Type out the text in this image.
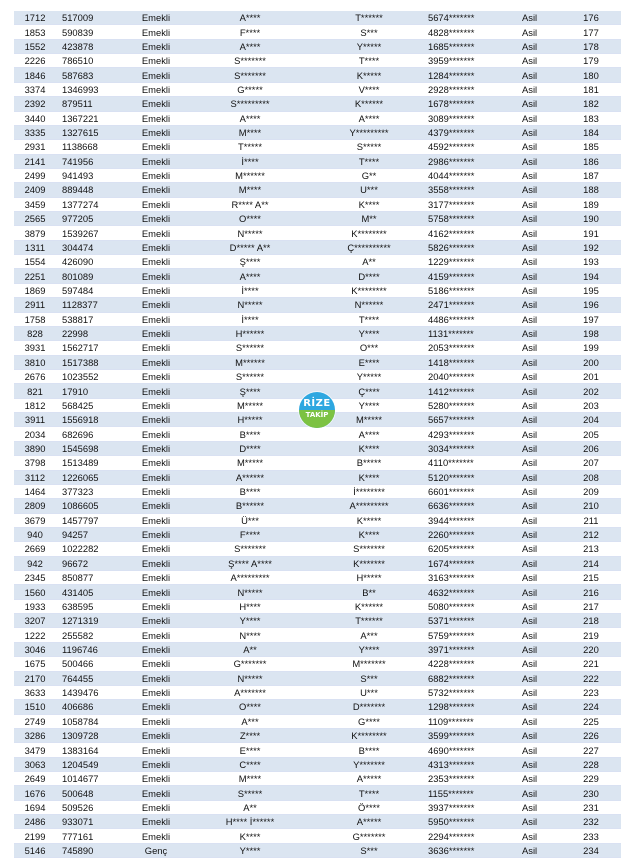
1712	517009	Emekli	A****	T******	5674*******	Asil	176
1853	590839	Emekli	F****	S***	4828*******	Asil	177
1552	423878	Emekli	A****	Y*****	1685*******	Asil	178
2226	786510	Emekli	S*******	T****	3959*******	Asil	179
1846	587683	Emekli	S*******	K*****	1284*******	Asil	180
3374	1346993	Emekli	G*****	V****	2928*******	Asil	181
2392	879511	Emekli	S*********	K******	1678*******	Asil	182
3440	1367221	Emekli	A****	A****	3089*******	Asil	183
3335	1327615	Emekli	M****	Y*********	4379*******	Asil	184
2931	1138668	Emekli	T*****	S*****	4592*******	Asil	185
2141	741956	Emekli	İ****	T****	2986*******	Asil	186
2499	941493	Emekli	M******	G**	4044*******	Asil	187
2409	889448	Emekli	M****	U***	3558*******	Asil	188
3459	1377274	Emekli	R**** A**	K****	3177*******	Asil	189
2565	977205	Emekli	O****	M**	5758*******	Asil	190
3879	1539267	Emekli	N*****	K********	4162*******	Asil	191
1311	304474	Emekli	D***** A**	Ç**********	5826*******	Asil	192
1554	426090	Emekli	Ş****	A**	1229*******	Asil	193
2251	801089	Emekli	A****	D****	4159*******	Asil	194
1869	597484	Emekli	İ****	K********	5186*******	Asil	195
2911	1128377	Emekli	N*****	N******	2471*******	Asil	196
1758	538817	Emekli	İ****	T****	4486*******	Asil	197
828	22998	Emekli	H******	Y****	1131*******	Asil	198
3931	1562717	Emekli	S******	O***	2053*******	Asil	199
3810	1517388	Emekli	M******	E****	1418*******	Asil	200
2676	1023552	Emekli	S******	Y*****	2040*******	Asil	201
821	17910	Emekli	Ş****	Ç****	1412*******	Asil	202
1812	568425	Emekli	M*****	Y****	5280*******	Asil	203
3911	1556918	Emekli	H*****	M*****	5657*******	Asil	204
2034	682696	Emekli	B****	A****	4293*******	Asil	205
3890	1545698	Emekli	D****	K****	3034*******	Asil	206
3798	1513489	Emekli	M*****	B*****	4110*******	Asil	207
3112	1226065	Emekli	A******	K****	5120*******	Asil	208
1464	377323	Emekli	B****	İ********	6601*******	Asil	209
2809	1086605	Emekli	B******	A*********	6636*******	Asil	210
3679	1457797	Emekli	Ü***	K*****	3944*******	Asil	211
940	94257	Emekli	F****	K****	2260*******	Asil	212
2669	1022282	Emekli	S*******	S*******	6205*******	Asil	213
942	96672	Emekli	Ş**** A****	K*******	1674*******	Asil	214
2345	850877	Emekli	A*********	H*****	3163*******	Asil	215
1560	431405	Emekli	N*****	B**	4632*******	Asil	216
1933	638595	Emekli	H****	K******	5080*******	Asil	217
3207	1271319	Emekli	Y****	T******	5371*******	Asil	218
1222	255582	Emekli	N****	A***	5759*******	Asil	219
3046	1196746	Emekli	A**	Y****	3971*******	Asil	220
1675	500466	Emekli	G*******	M*******	4228*******	Asil	221
2170	764455	Emekli	N*****	S***	6882*******	Asil	222
3633	1439476	Emekli	A*******	U***	5732*******	Asil	223
1510	406686	Emekli	O****	D*******	1298*******	Asil	224
2749	1058784	Emekli	A***	G****	1109*******	Asil	225
3286	1309728	Emekli	Z****	K********	3599*******	Asil	226
3479	1383164	Emekli	E****	B****	4690*******	Asil	227
3063	1204549	Emekli	C****	Y*******	4313*******	Asil	228
2649	1014677	Emekli	M****	A*****	2353*******	Asil	229
1676	500648	Emekli	S*****	T****	1155*******	Asil	230
1694	509526	Emekli	A**	Ö****	3937*******	Asil	231
2486	933071	Emekli	H**** İ******	A*****	5950*******	Asil	232
2199	777161	Emekli	K****	G*******	2294*******	Asil	233
5146	745890	Genç	Y****	S***	3636*******	Asil	234
RİZE
TAKİP
